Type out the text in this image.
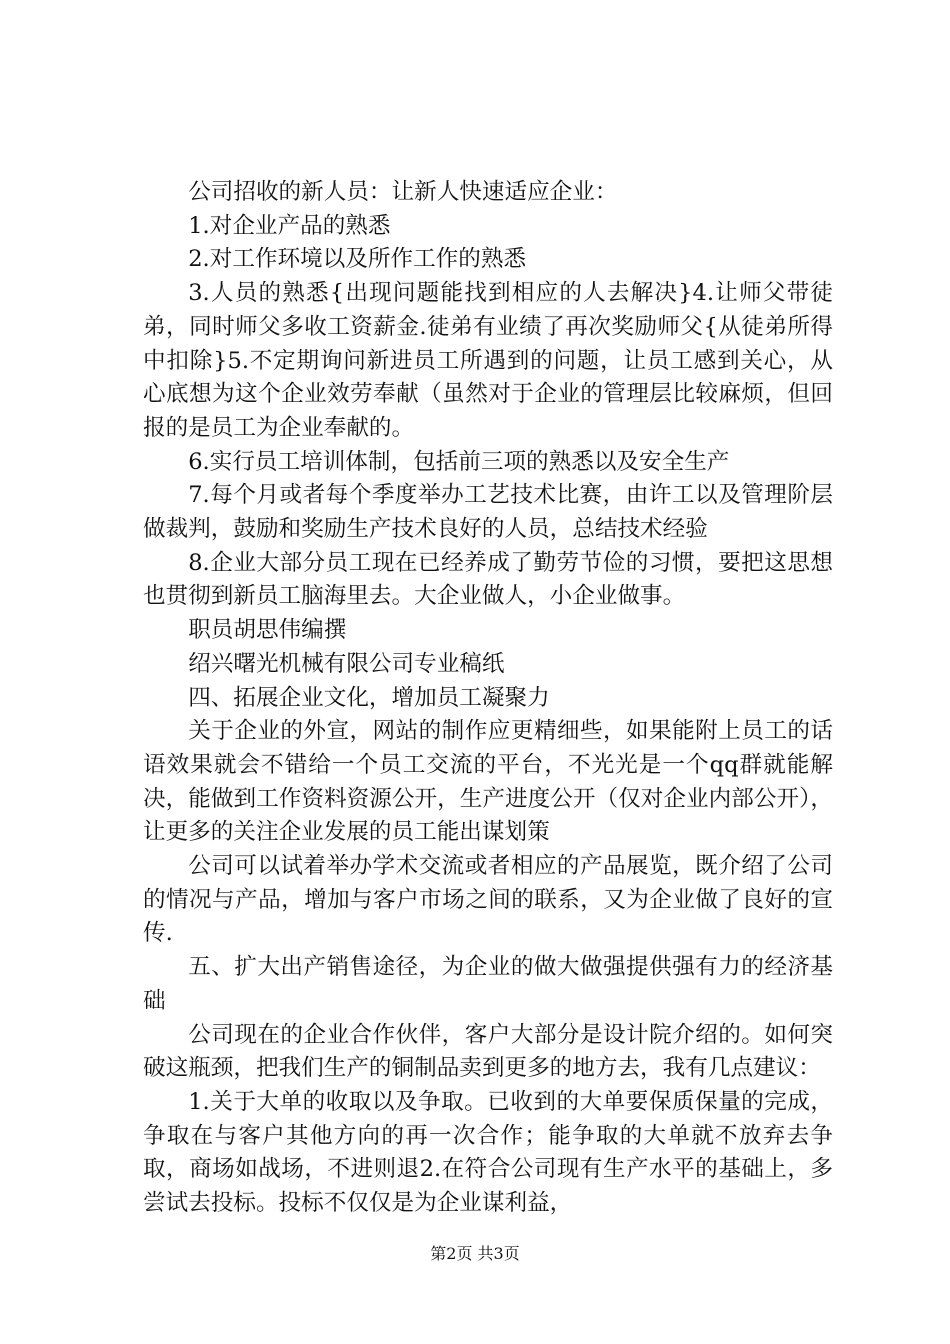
公司招收的新人员：让新人快速适应企业：

1.对企业产品的熟悉

2.对工作环境以及所作工作的熟悉

3.人员的熟悉{出现问题能找到相应的人去解决}4.让师父带徒弟，同时师父多收工资薪金.徒弟有业绩了再次奖励师父{从徒弟所得中扣除}5.不定期询问新进员工所遇到的问题，让员工感到关心，从心底想为这个企业效劳奉献（虽然对于企业的管理层比较麻烦，但回报的是员工为企业奉献的。

6.实行员工培训体制，包括前三项的熟悉以及安全生产

7.每个月或者每个季度举办工艺技术比赛，由许工以及管理阶层做裁判，鼓励和奖励生产技术良好的人员，总结技术经验

8.企业大部分员工现在已经养成了勤劳节俭的习惯，要把这思想也贯彻到新员工脑海里去。大企业做人，小企业做事。

职员胡思伟编撰

绍兴曙光机械有限公司专业稿纸

四、拓展企业文化，增加员工凝聚力

关于企业的外宣，网站的制作应更精细些，如果能附上员工的话语效果就会不错给一个员工交流的平台，不光光是一个qq群就能解决，能做到工作资料资源公开，生产进度公开（仅对企业内部公开），让更多的关注企业发展的员工能出谋划策

公司可以试着举办学术交流或者相应的产品展览，既介绍了公司的情况与产品，增加与客户市场之间的联系，又为企业做了良好的宣传.

五、扩大出产销售途径，为企业的做大做强提供强有力的经济基础

公司现在的企业合作伙伴，客户大部分是设计院介绍的。如何突破这瓶颈，把我们生产的铜制品卖到更多的地方去，我有几点建议：

1.关于大单的收取以及争取。已收到的大单要保质保量的完成，争取在与客户其他方向的再一次合作；能争取的大单就不放弃去争取，商场如战场，不进则退2.在符合公司现有生产水平的基础上，多尝试去投标。投标不仅仅是为企业谋利益，

第2页 共3页
